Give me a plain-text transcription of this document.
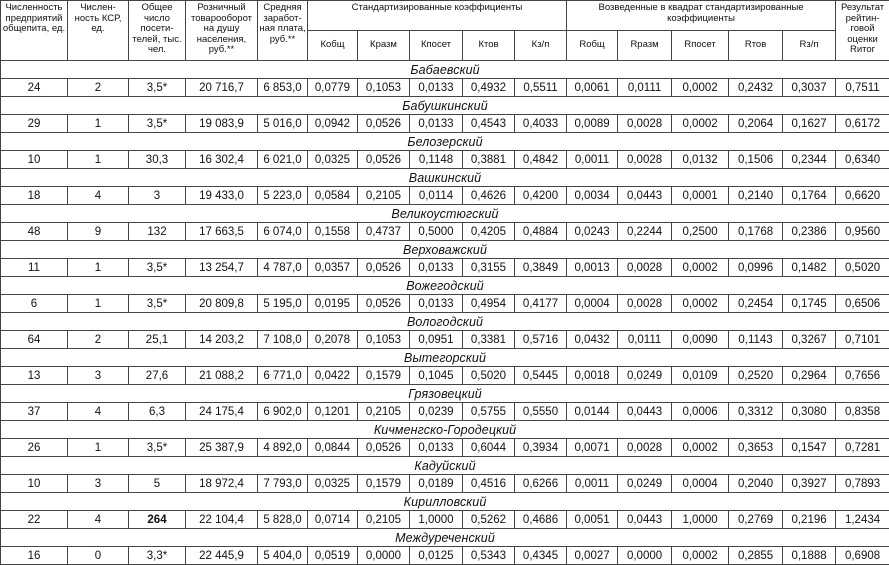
Численность предприятий общепита, ед.	Числен-ность КСР, ед.	Общее число посети-телей, тыс. чел.	Розничный товарооборот на душу населения, руб.**	Средняя заработ-ная плата, руб.**	Стандартизированные коэффициенты					Возведенные в квадрат стандартизированные коэффициенты					Результат рейтин-говой оценки Rитог
					Кобщ	Кразм	Кпосет	Ктов	Кз/п	Rобщ	Rразм	Rпосет	Rтов	Rз/п	
Бабаевский															
24	2	3,5*	20 716,7	6 853,0	0,0779	0,1053	0,0133	0,4932	0,5511	0,0061	0,0111	0,0002	0,2432	0,3037	0,7511
Бабушкинский															
29	1	3,5*	19 083,9	5 016,0	0,0942	0,0526	0,0133	0,4543	0,4033	0,0089	0,0028	0,0002	0,2064	0,1627	0,6172
Белозерский															
10	1	30,3	16 302,4	6 021,0	0,0325	0,0526	0,1148	0,3881	0,4842	0,0011	0,0028	0,0132	0,1506	0,2344	0,6340
Вашкинский															
18	4	3	19 433,0	5 223,0	0,0584	0,2105	0,0114	0,4626	0,4200	0,0034	0,0443	0,0001	0,2140	0,1764	0,6620
Великоустюгский															
48	9	132	17 663,5	6 074,0	0,1558	0,4737	0,5000	0,4205	0,4884	0,0243	0,2244	0,2500	0,1768	0,2386	0,9560
Верховажский															
11	1	3,5*	13 254,7	4 787,0	0,0357	0,0526	0,0133	0,3155	0,3849	0,0013	0,0028	0,0002	0,0996	0,1482	0,5020
Вожегодский															
6	1	3,5*	20 809,8	5 195,0	0,0195	0,0526	0,0133	0,4954	0,4177	0,0004	0,0028	0,0002	0,2454	0,1745	0,6506
Вологодский															
64	2	25,1	14 203,2	7 108,0	0,2078	0,1053	0,0951	0,3381	0,5716	0,0432	0,0111	0,0090	0,1143	0,3267	0,7101
Вытегорский															
13	3	27,6	21 088,2	6 771,0	0,0422	0,1579	0,1045	0,5020	0,5445	0,0018	0,0249	0,0109	0,2520	0,2964	0,7656
Грязовецкий															
37	4	6,3	24 175,4	6 902,0	0,1201	0,2105	0,0239	0,5755	0,5550	0,0144	0,0443	0,0006	0,3312	0,3080	0,8358
Кичменгско-Городецкий															
26	1	3,5*	25 387,9	4 892,0	0,0844	0,0526	0,0133	0,6044	0,3934	0,0071	0,0028	0,0002	0,3653	0,1547	0,7281
Кадуйский															
10	3	5	18 972,4	7 793,0	0,0325	0,1579	0,0189	0,4516	0,6266	0,0011	0,0249	0,0004	0,2040	0,3927	0,7893
Кирилловский															
22	4	264	22 104,4	5 828,0	0,0714	0,2105	1,0000	0,5262	0,4686	0,0051	0,0443	1,0000	0,2769	0,2196	1,2434
Междуреченский															
16	0	3,3*	22 445,9	5 404,0	0,0519	0,0000	0,0125	0,5343	0,4345	0,0027	0,0000	0,0002	0,2855	0,1888	0,6908
